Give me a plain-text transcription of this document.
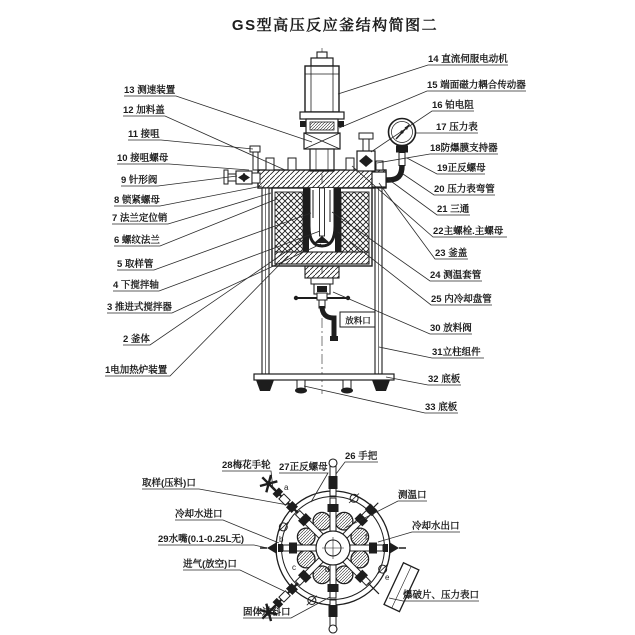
GS型高压反应釜结构简图二
放料口
a
b
c	d
e
f
13 测速装置
12 加料盖
11 接咀
10 接咀螺母
9 针形阀
8 锁紧螺母
7 法兰定位销
6 螺纹法兰
5 取样管
4 下搅拌轴
3 推进式搅拌器
2 釜体
1电加热炉装置
14 直流伺服电动机
15 端面磁力耦合传动器
16 铂电阻
17 压力表
18防爆膜支持器
19正反螺母
20 压力表弯管
21 三通
22主螺栓.主螺母
23 釜盖
24 测温套管
25 内冷却盘管
30 放料阀
31立柱组件
32 底板
33 底板
28梅花手轮 27正反螺母
26 手把
取样(压料)口
冷却水进口
29水嘴(0.1-0.25L无)
进气(放空)口
固体进料口
测温口
冷却水出口
爆破片、压力表口
